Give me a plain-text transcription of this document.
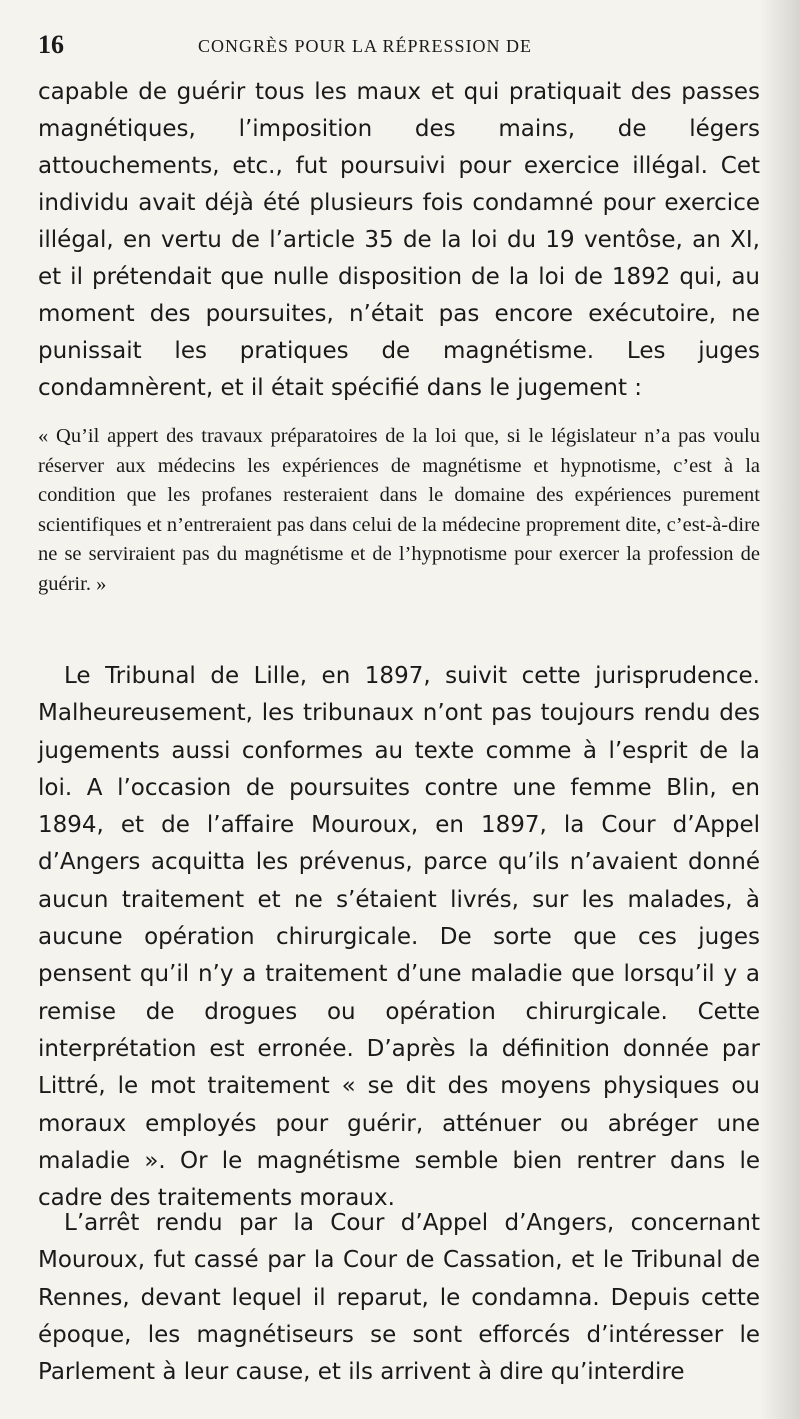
16	CONGRÈS POUR LA RÉPRESSION DE

capable de guérir tous les maux et qui pratiquait des passes magnétiques, l’imposition des mains, de légers attouchements, etc., fut poursuivi pour exercice illégal. Cet individu avait déjà été plusieurs fois condamné pour exercice illégal, en vertu de l’article 35 de la loi du 19 ventôse, an XI, et il prétendait que nulle disposition de la loi de 1892 qui, au moment des poursuites, n’était pas encore exécutoire, ne punissait les pratiques de magnétisme. Les juges condamnèrent, et il était spécifié dans le jugement :

« Qu’il appert des travaux préparatoires de la loi que, si le législateur n’a pas voulu réserver aux médecins les expériences de magnétisme et hypnotisme, c’est à la condition que les profanes resteraient dans le domaine des expériences purement scientifiques et n’entreraient pas dans celui de la médecine proprement dite, c’est-à-dire ne se serviraient pas du magnétisme et de l’hypnotisme pour exercer la profession de guérir. »

Le Tribunal de Lille, en 1897, suivit cette jurisprudence. Malheureusement, les tribunaux n’ont pas toujours rendu des jugements aussi conformes au texte comme à l’esprit de la loi. A l’occasion de poursuites contre une femme Blin, en 1894, et de l’affaire Mouroux, en 1897, la Cour d’Appel d’Angers acquitta les prévenus, parce qu’ils n’avaient donné aucun traitement et ne s’étaient livrés, sur les malades, à aucune opération chirurgicale. De sorte que ces juges pensent qu’il n’y a traitement d’une maladie que lorsqu’il y a remise de drogues ou opération chirurgicale. Cette interprétation est erronée. D’après la définition donnée par Littré, le mot traitement « se dit des moyens physiques ou moraux employés pour guérir, atténuer ou abréger une maladie ». Or le magnétisme semble bien rentrer dans le cadre des traitements moraux.

L’arrêt rendu par la Cour d’Appel d’Angers, concernant Mouroux, fut cassé par la Cour de Cassation, et le Tribunal de Rennes, devant lequel il reparut, le condamna. Depuis cette époque, les magnétiseurs se sont efforcés d’intéresser le Parlement à leur cause, et ils arrivent à dire qu’interdire
